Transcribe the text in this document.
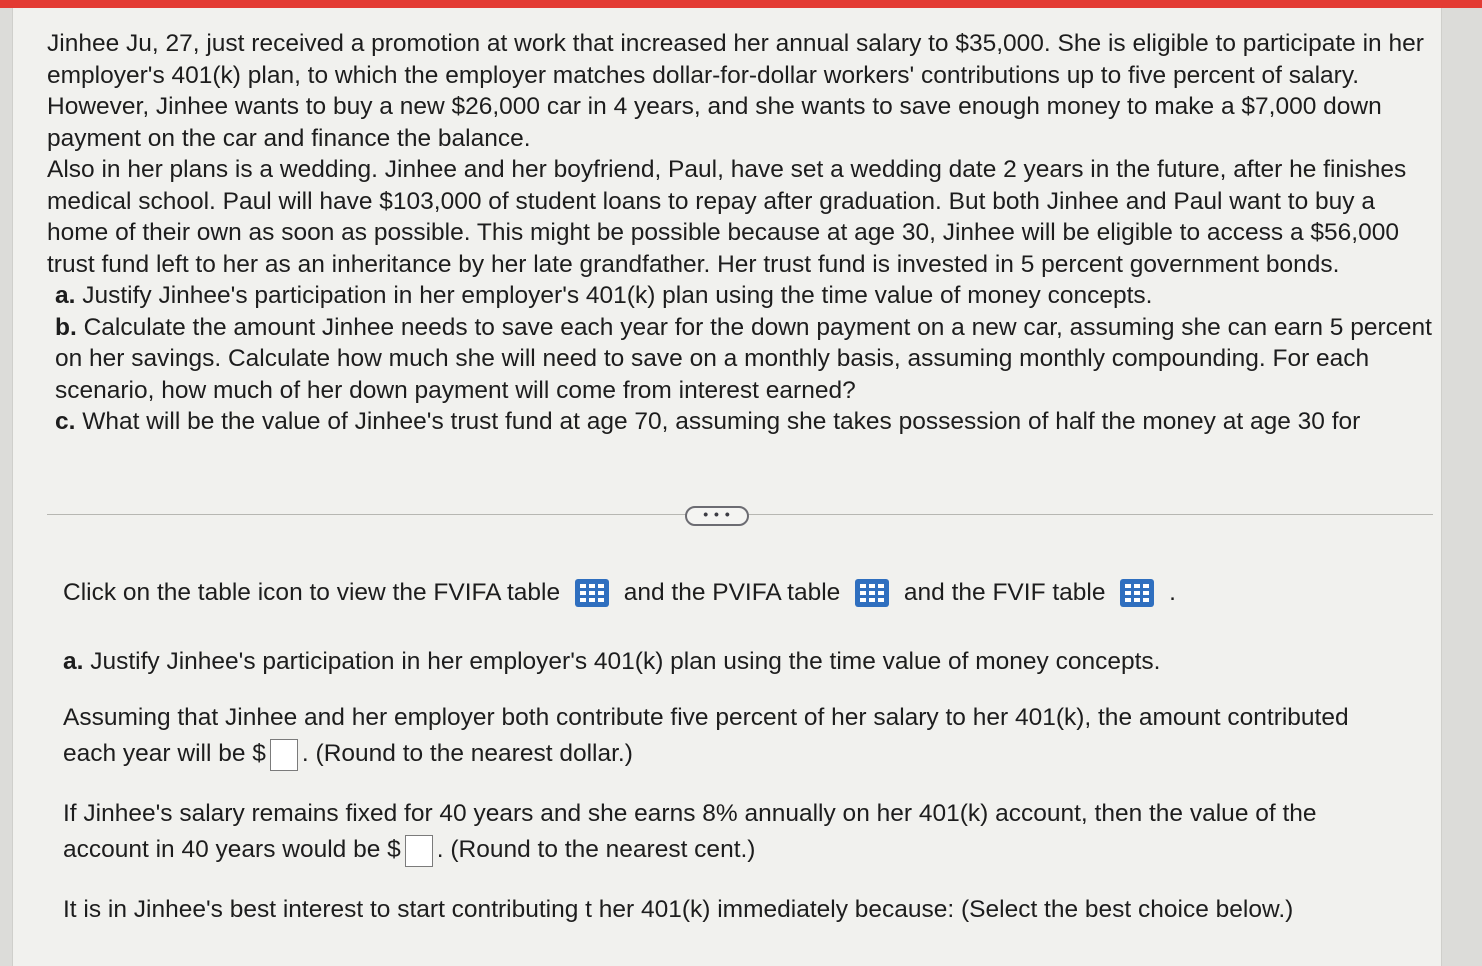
Jinhee Ju, 27, just received a promotion at work that increased her annual salary to $35,000. She is eligible to participate in her employer's 401(k) plan, to which the employer matches dollar-for-dollar workers' contributions up to five percent of salary. However, Jinhee wants to buy a new $26,000 car in 4 years, and she wants to save enough money to make a $7,000 down payment on the car and finance the balance.

Also in her plans is a wedding. Jinhee and her boyfriend, Paul, have set a wedding date 2 years in the future, after he finishes medical school. Paul will have $103,000 of student loans to repay after graduation. But both Jinhee and Paul want to buy a home of their own as soon as possible. This might be possible because at age 30, Jinhee will be eligible to access a $56,000 trust fund left to her as an inheritance by her late grandfather. Her trust fund is invested in 5 percent government bonds.

a. Justify Jinhee's participation in her employer's 401(k) plan using the time value of money concepts.

b. Calculate the amount Jinhee needs to save each year for the down payment on a new car, assuming she can earn 5 percent on her savings. Calculate how much she will need to save on a monthly basis, assuming monthly compounding. For each scenario, how much of her down payment will come from interest earned?

c. What will be the value of Jinhee's trust fund at age 70, assuming she takes possession of half the money at age 30 for

• • •
Click on the table icon to view the FVIFA table	and the PVIFA table	and the FVIF table	.

a. Justify Jinhee's participation in her employer's 401(k) plan using the time value of money concepts.

Assuming that Jinhee and her employer both contribute five percent of her salary to her 401(k), the amount contributed

each year will be $ . (Round to the nearest dollar.)

If Jinhee's salary remains fixed for 40 years and she earns 8% annually on her 401(k) account, then the value of the

account in 40 years would be $ . (Round to the nearest cent.)

It is in Jinhee's best interest to start contributing t her 401(k) immediately because: (Select the best choice below.)
